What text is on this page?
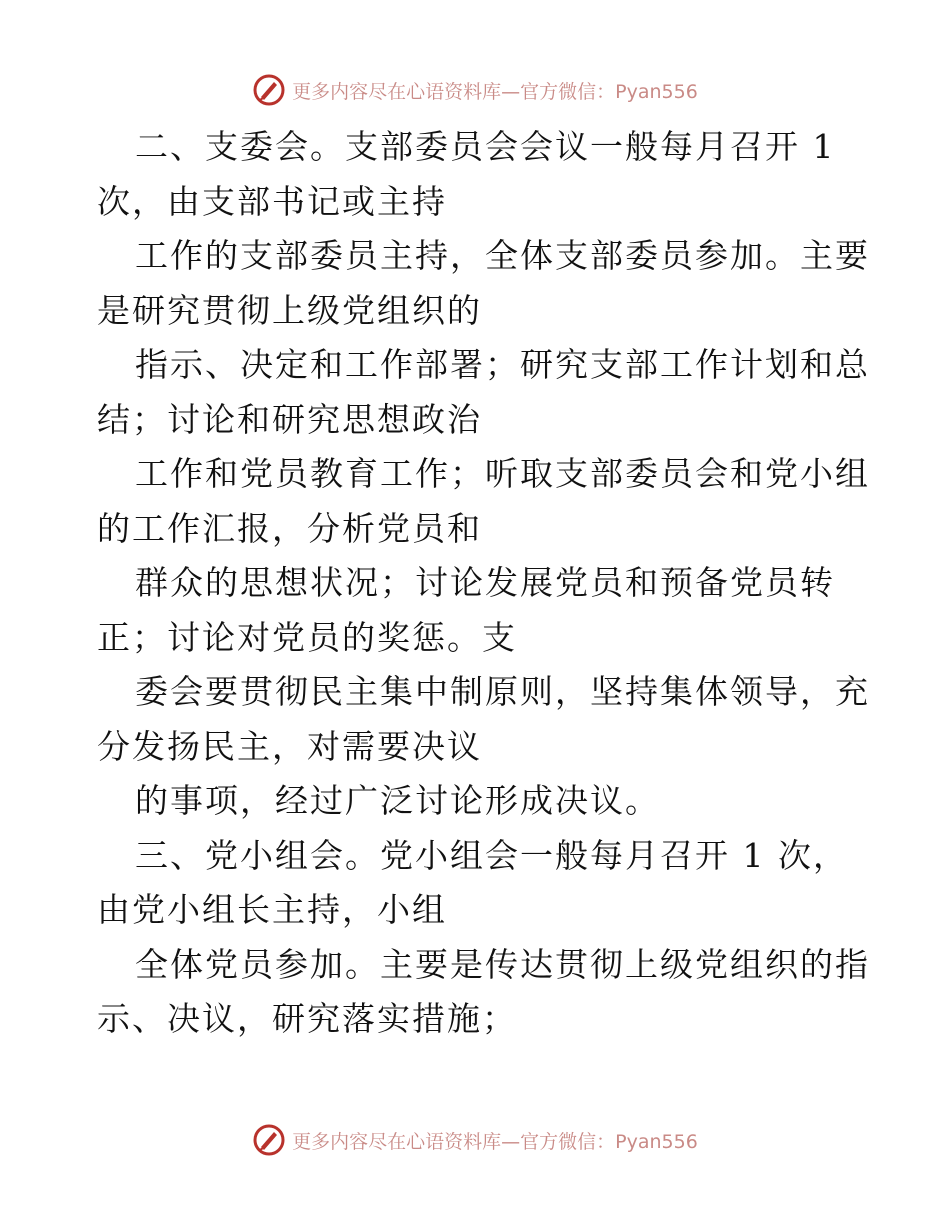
更多内容尽在心语资料库—官方微信：Pyan556
二、支委会。支部委员会会议一般每月召开 1
次，由支部书记或主持
工作的支部委员主持，全体支部委员参加。主要
是研究贯彻上级党组织的
指示、决定和工作部署；研究支部工作计划和总
结；讨论和研究思想政治
工作和党员教育工作；听取支部委员会和党小组
的工作汇报，分析党员和
群众的思想状况；讨论发展党员和预备党员转
正；讨论对党员的奖惩。支
委会要贯彻民主集中制原则，坚持集体领导，充
分发扬民主，对需要决议
的事项，经过广泛讨论形成决议。
三、党小组会。党小组会一般每月召开 1 次，
由党小组长主持，小组
全体党员参加。主要是传达贯彻上级党组织的指
示、决议，研究落实措施；
更多内容尽在心语资料库—官方微信：Pyan556
